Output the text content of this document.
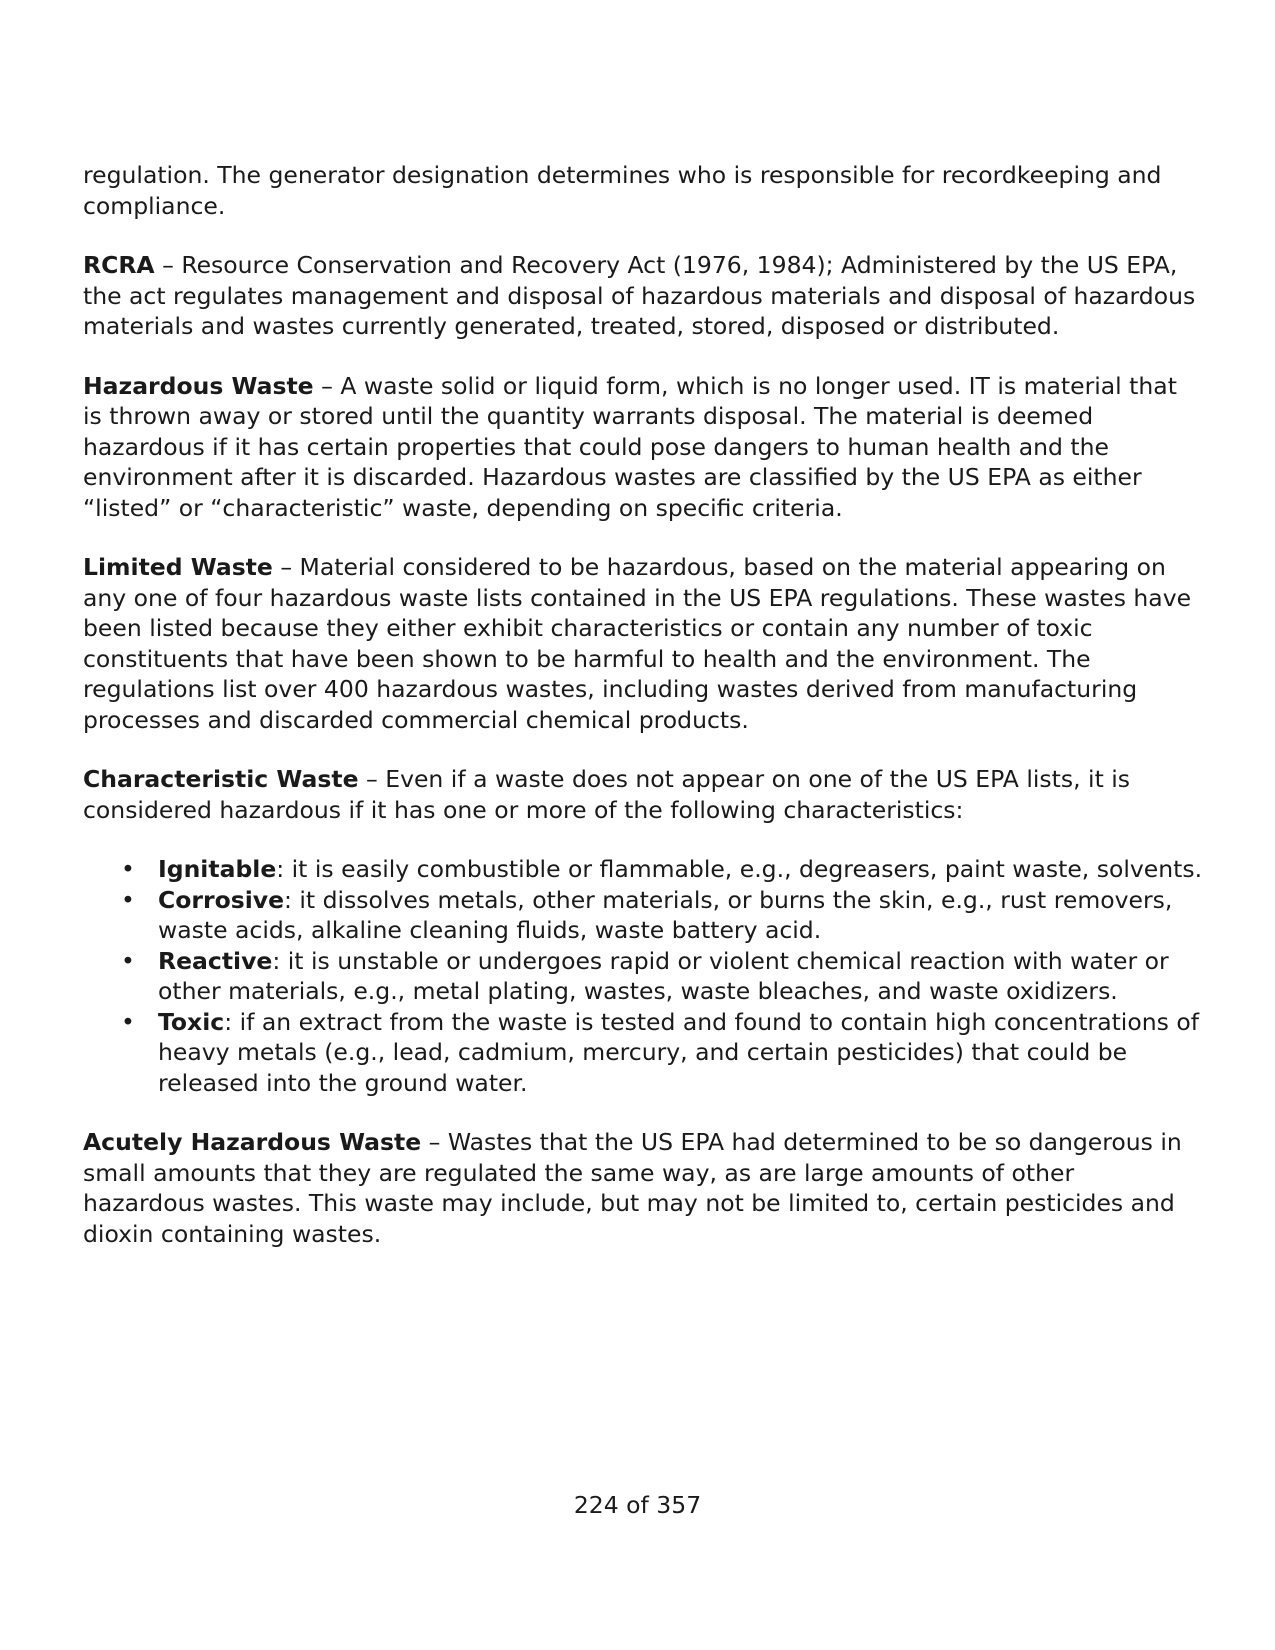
regulation. The generator designation determines who is responsible for recordkeeping and compliance.

RCRA – Resource Conservation and Recovery Act (1976, 1984); Administered by the US EPA, the act regulates management and disposal of hazardous materials and disposal of hazardous materials and wastes currently generated, treated, stored, disposed or distributed.

Hazardous Waste – A waste solid or liquid form, which is no longer used. IT is material that is thrown away or stored until the quantity warrants disposal. The material is deemed hazardous if it has certain properties that could pose dangers to human health and the environment after it is discarded. Hazardous wastes are classified by the US EPA as either “listed” or “characteristic” waste, depending on specific criteria.

Limited Waste – Material considered to be hazardous, based on the material appearing on any one of four hazardous waste lists contained in the US EPA regulations. These wastes have been listed because they either exhibit characteristics or contain any number of toxic constituents that have been shown to be harmful to health and the environment. The regulations list over 400 hazardous wastes, including wastes derived from manufacturing processes and discarded commercial chemical products.

Characteristic Waste – Even if a waste does not appear on one of the US EPA lists, it is considered hazardous if it has one or more of the following characteristics:

• Ignitable: it is easily combustible or flammable, e.g., degreasers, paint waste, solvents.
• Corrosive: it dissolves metals, other materials, or burns the skin, e.g., rust removers, waste acids, alkaline cleaning fluids, waste battery acid.
• Reactive: it is unstable or undergoes rapid or violent chemical reaction with water or other materials, e.g., metal plating, wastes, waste bleaches, and waste oxidizers.
• Toxic: if an extract from the waste is tested and found to contain high concentrations of heavy metals (e.g., lead, cadmium, mercury, and certain pesticides) that could be released into the ground water.

Acutely Hazardous Waste – Wastes that the US EPA had determined to be so dangerous in small amounts that they are regulated the same way, as are large amounts of other hazardous wastes. This waste may include, but may not be limited to, certain pesticides and dioxin containing wastes.

224 of 357
